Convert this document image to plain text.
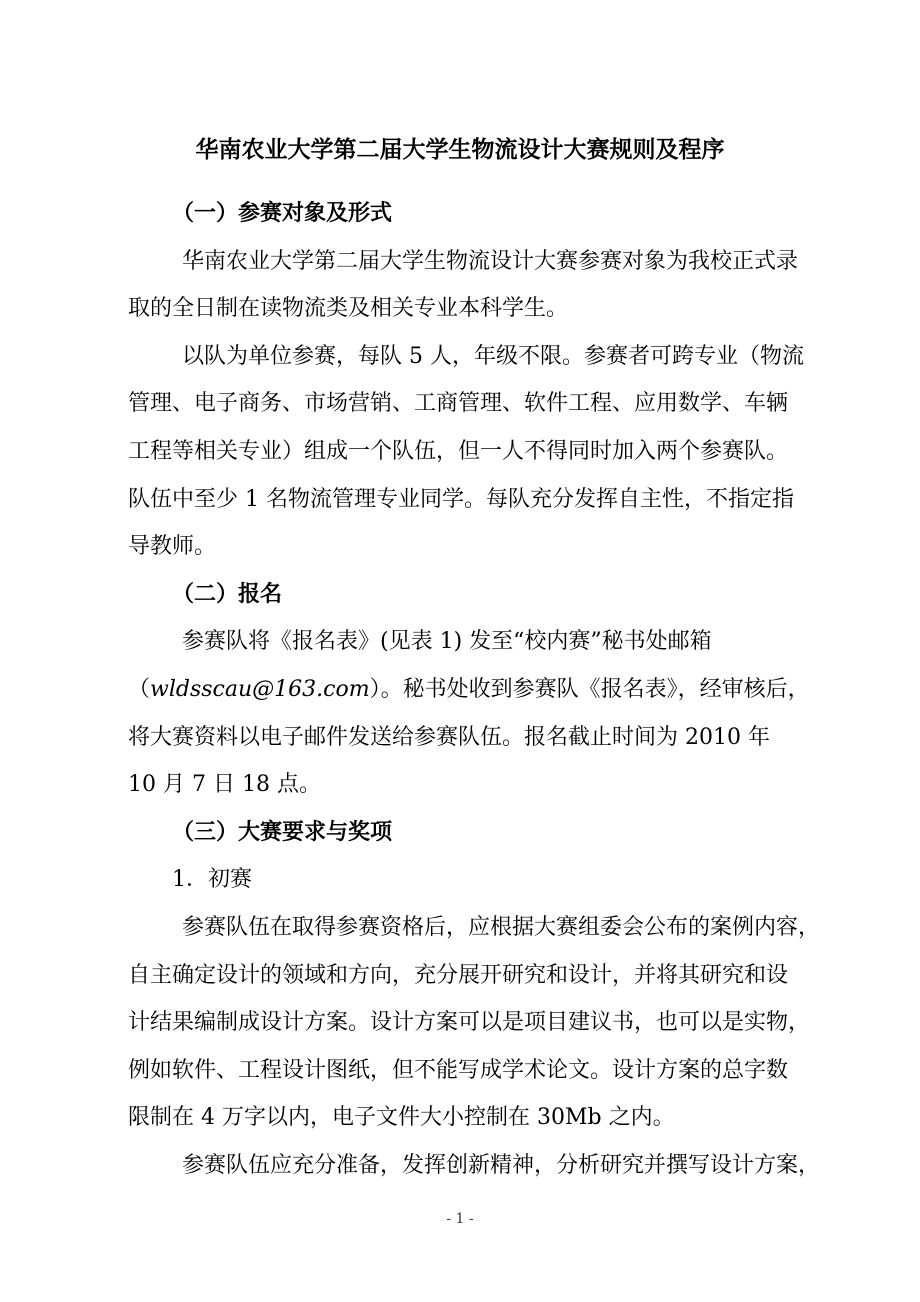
华南农业大学第二届大学生物流设计大赛规则及程序
（一）参赛对象及形式
华南农业大学第二届大学生物流设计大赛参赛对象为我校正式录
取的全日制在读物流类及相关专业本科学生。
以队为单位参赛，每队 5 人，年级不限。参赛者可跨专业（物流
管理、电子商务、市场营销、工商管理、软件工程、应用数学、车辆
工程等相关专业）组成一个队伍，但一人不得同时加入两个参赛队。
队伍中至少 1 名物流管理专业同学。每队充分发挥自主性，不指定指
导教师。
（二）报名
参赛队将《报名表》(见表 1) 发至“校内赛”秘书处邮箱
（wldsscau@163.com）。秘书处收到参赛队《报名表》，经审核后，
将大赛资料以电子邮件发送给参赛队伍。报名截止时间为 2010 年
10 月 7 日 18 点。
（三）大赛要求与奖项
1．初赛
参赛队伍在取得参赛资格后，应根据大赛组委会公布的案例内容，
自主确定设计的领域和方向，充分展开研究和设计，并将其研究和设
计结果编制成设计方案。设计方案可以是项目建议书，也可以是实物，
例如软件、工程设计图纸，但不能写成学术论文。设计方案的总字数
限制在 4 万字以内，电子文件大小控制在 30Mb 之内。
参赛队伍应充分准备，发挥创新精神，分析研究并撰写设计方案，
- 1 -
